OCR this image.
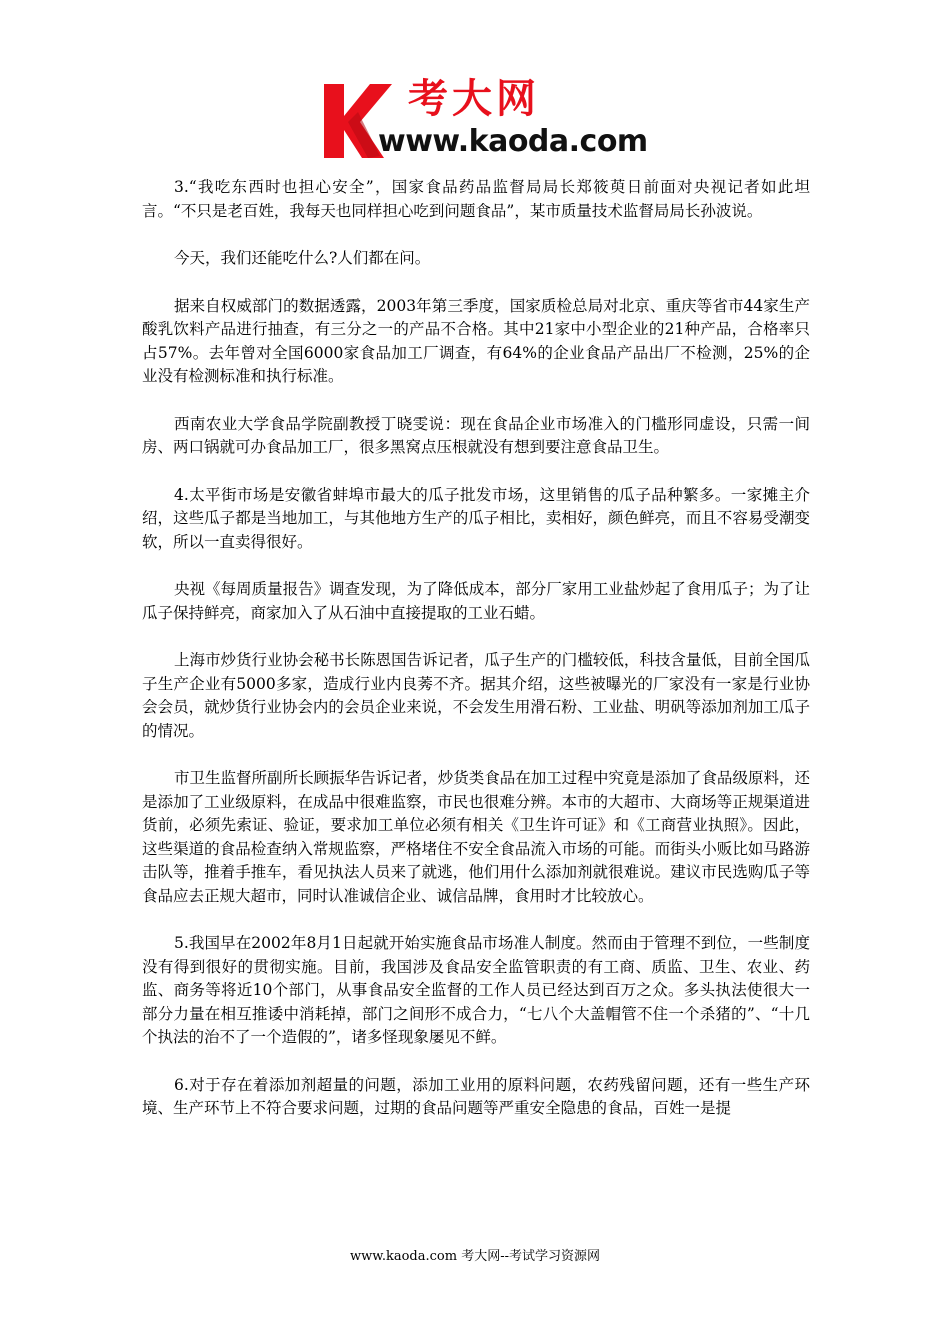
考大网
www.kaoda.com

3.“我吃东西时也担心安全”，国家食品药品监督局局长郑筱萸日前面对央视记者如此坦言。“不只是老百姓，我每天也同样担心吃到问题食品”，某市质量技术监督局局长孙波说。

今天，我们还能吃什么?人们都在问。

据来自权威部门的数据透露，2003年第三季度，国家质检总局对北京、重庆等省市44家生产酸乳饮料产品进行抽查，有三分之一的产品不合格。其中21家中小型企业的21种产品，合格率只占57%。去年曾对全国6000家食品加工厂调查，有64%的企业食品产品出厂不检测，25%的企业没有检测标准和执行标准。

西南农业大学食品学院副教授丁晓雯说：现在食品企业市场准入的门槛形同虚设，只需一间房、两口锅就可办食品加工厂，很多黑窝点压根就没有想到要注意食品卫生。

4.太平街市场是安徽省蚌埠市最大的瓜子批发市场，这里销售的瓜子品种繁多。一家摊主介绍，这些瓜子都是当地加工，与其他地方生产的瓜子相比，卖相好，颜色鲜亮，而且不容易受潮变软，所以一直卖得很好。

央视《每周质量报告》调查发现，为了降低成本，部分厂家用工业盐炒起了食用瓜子；为了让瓜子保持鲜亮，商家加入了从石油中直接提取的工业石蜡。

上海市炒货行业协会秘书长陈恩国告诉记者，瓜子生产的门槛较低，科技含量低，目前全国瓜子生产企业有5000多家，造成行业内良莠不齐。据其介绍，这些被曝光的厂家没有一家是行业协会会员，就炒货行业协会内的会员企业来说，不会发生用滑石粉、工业盐、明矾等添加剂加工瓜子的情况。

市卫生监督所副所长顾振华告诉记者，炒货类食品在加工过程中究竟是添加了食品级原料，还是添加了工业级原料，在成品中很难监察，市民也很难分辨。本市的大超市、大商场等正规渠道进货前，必须先索证、验证，要求加工单位必须有相关《卫生许可证》和《工商营业执照》。因此，这些渠道的食品检查纳入常规监察，严格堵住不安全食品流入市场的可能。而街头小贩比如马路游击队等，推着手推车，看见执法人员来了就逃，他们用什么添加剂就很难说。建议市民选购瓜子等食品应去正规大超市，同时认准诚信企业、诚信品牌，食用时才比较放心。

5.我国早在2002年8月1日起就开始实施食品市场准人制度。然而由于管理不到位，一些制度没有得到很好的贯彻实施。目前，我国涉及食品安全监管职责的有工商、质监、卫生、农业、药监、商务等将近10个部门，从事食品安全监督的工作人员已经达到百万之众。多头执法使很大一部分力量在相互推诿中消耗掉，部门之间形不成合力，“七八个大盖帽管不住一个杀猪的”、“十几个执法的治不了一个造假的”，诸多怪现象屡见不鲜。

6.对于存在着添加剂超量的问题，添加工业用的原料问题，农药残留问题，还有一些生产环境、生产环节上不符合要求问题，过期的食品问题等严重安全隐患的食品，百姓一是提

www.kaoda.com 考大网--考试学习资源网
